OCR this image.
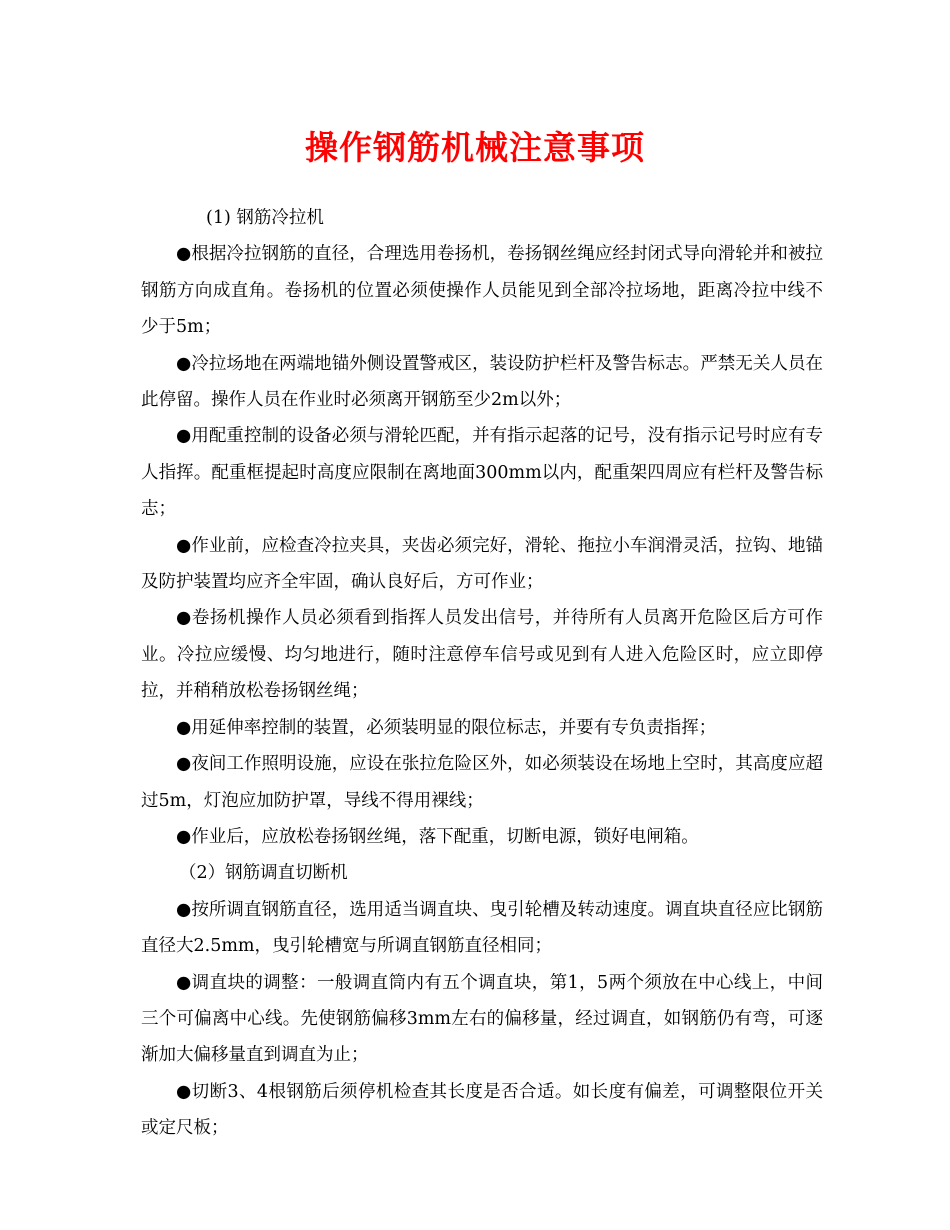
操作钢筋机械注意事项

(1) 钢筋冷拉机

●根据冷拉钢筋的直径，合理选用卷扬机，卷扬钢丝绳应经封闭式导向滑轮并和被拉钢筋方向成直角。卷扬机的位置必须使操作人员能见到全部冷拉场地，距离冷拉中线不少于5m；

●冷拉场地在两端地锚外侧设置警戒区，装设防护栏杆及警告标志。严禁无关人员在此停留。操作人员在作业时必须离开钢筋至少2m以外；

●用配重控制的设备必须与滑轮匹配，并有指示起落的记号，没有指示记号时应有专人指挥。配重框提起时高度应限制在离地面300mm以内，配重架四周应有栏杆及警告标志；

●作业前，应检查冷拉夹具，夹齿必须完好，滑轮、拖拉小车润滑灵活，拉钩、地锚及防护装置均应齐全牢固，确认良好后，方可作业；

●卷扬机操作人员必须看到指挥人员发出信号，并待所有人员离开危险区后方可作业。冷拉应缓慢、均匀地进行，随时注意停车信号或见到有人进入危险区时，应立即停拉，并稍稍放松卷扬钢丝绳；

●用延伸率控制的装置，必须装明显的限位标志，并要有专负责指挥；

●夜间工作照明设施，应设在张拉危险区外，如必须装设在场地上空时，其高度应超过5m，灯泡应加防护罩，导线不得用裸线；

●作业后，应放松卷扬钢丝绳，落下配重，切断电源，锁好电闸箱。

（2）钢筋调直切断机

●按所调直钢筋直径，选用适当调直块、曳引轮槽及转动速度。调直块直径应比钢筋直径大2.5mm，曳引轮槽宽与所调直钢筋直径相同；

●调直块的调整：一般调直筒内有五个调直块，第1，5两个须放在中心线上，中间三个可偏离中心线。先使钢筋偏移3mm左右的偏移量，经过调直，如钢筋仍有弯，可逐渐加大偏移量直到调直为止；

●切断3、4根钢筋后须停机检查其长度是否合适。如长度有偏差，可调整限位开关或定尺板；
